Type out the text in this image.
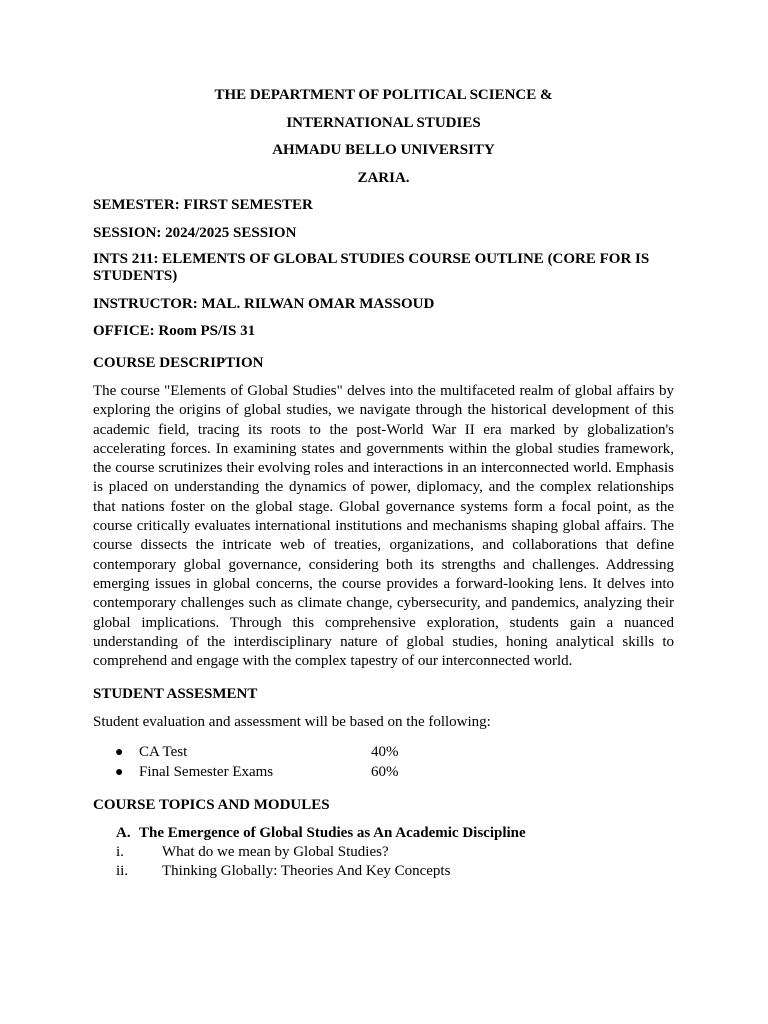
THE DEPARTMENT OF POLITICAL SCIENCE &
INTERNATIONAL STUDIES
AHMADU BELLO UNIVERSITY
ZARIA.
SEMESTER: FIRST SEMESTER
SESSION: 2024/2025 SESSION
INTS 211: ELEMENTS OF GLOBAL STUDIES COURSE OUTLINE (CORE FOR IS STUDENTS)
INSTRUCTOR: MAL. RILWAN OMAR MASSOUD
OFFICE: Room PS/IS 31
COURSE DESCRIPTION
The course "Elements of Global Studies" delves into the multifaceted realm of global affairs by exploring the origins of global studies, we navigate through the historical development of this academic field, tracing its roots to the post-World War II era marked by globalization's accelerating forces. In examining states and governments within the global studies framework, the course scrutinizes their evolving roles and interactions in an interconnected world. Emphasis is placed on understanding the dynamics of power, diplomacy, and the complex relationships that nations foster on the global stage. Global governance systems form a focal point, as the course critically evaluates international institutions and mechanisms shaping global affairs. The course dissects the intricate web of treaties, organizations, and collaborations that define contemporary global governance, considering both its strengths and challenges. Addressing emerging issues in global concerns, the course provides a forward-looking lens. It delves into contemporary challenges such as climate change, cybersecurity, and pandemics, analyzing their global implications. Through this comprehensive exploration, students gain a nuanced understanding of the interdisciplinary nature of global studies, honing analytical skills to comprehend and engage with the complex tapestry of our interconnected world.
STUDENT ASSESMENT
Student evaluation and assessment will be based on the following:
● CA Test	40%
● Final Semester Exams	60%
COURSE TOPICS AND MODULES
A. The Emergence of Global Studies as An Academic Discipline
i.	What do we mean by Global Studies?
ii. Thinking Globally: Theories And Key Concepts
